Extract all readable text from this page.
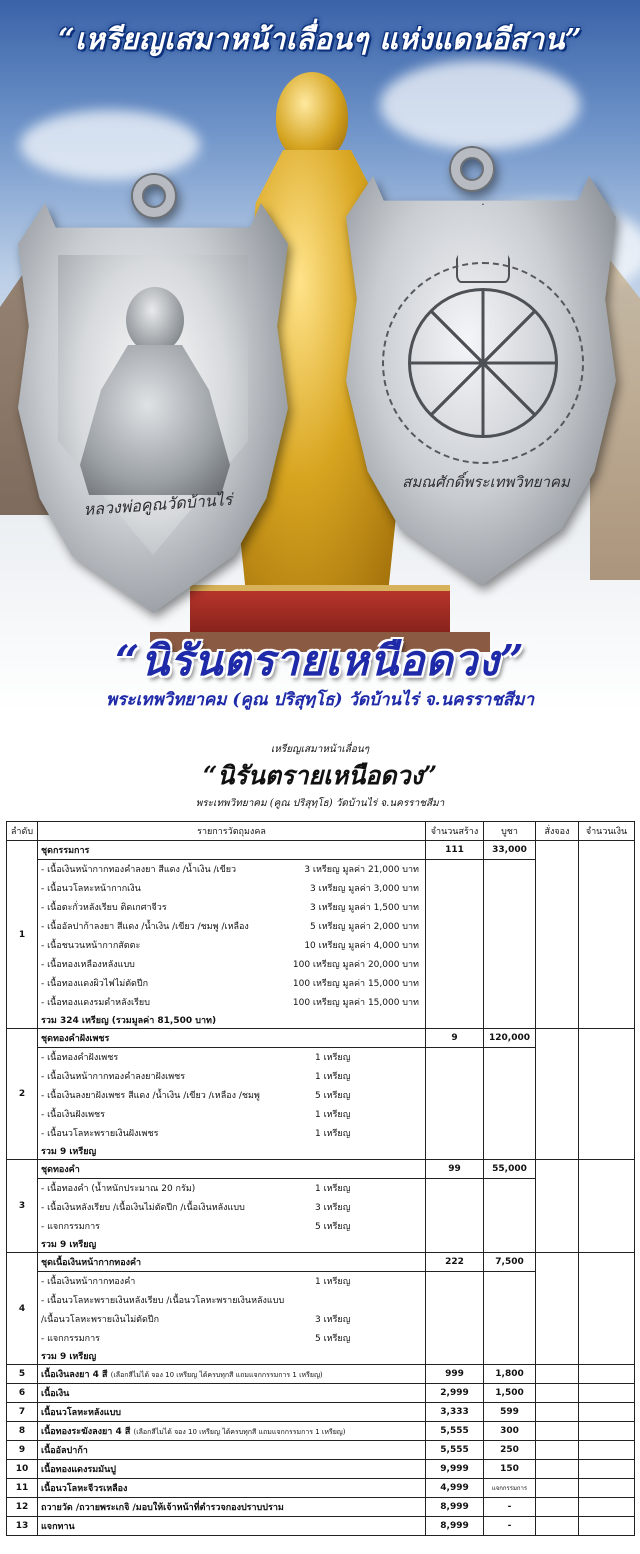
“เหรียญเสมาหน้าเลื่อนๆ แห่งแดนอีสาน”
หลวงพ่อคูณวัดบ้านไร่
สมณศักดิ์พระเทพวิทยาคม
“นิรันตรายเหนือดวง”
พระเทพวิทยาคม (คูณ ปริสุทฺโธ) วัดบ้านไร่ จ.นครราชสีมา
เหรียญเสมาหน้าเลื่อนๆ
“นิรันตรายเหนือดวง”
พระเทพวิทยาคม (คูณ ปริสุทฺโธ) วัดบ้านไร่ จ.นครราชสีมา
ลำดับ	รายการวัตถุมงคล	จำนวนสร้าง	บูชา	สั่งจอง	จำนวนเงิน
1	ชุดกรรมการ	111	33,000		

	- เนื้อเงินหน้ากากทองคำลงยา สีแดง /น้ำเงิน /เขียว 3 เหรียญ มูลค่า 21,000 บาท				

	- เนื้อนวโลหะหน้ากากเงิน 3 เหรียญ มูลค่า 3,000 บาท				

	- เนื้อตะกั่วหลังเรียบ ติดเกศาจีวร 3 เหรียญ มูลค่า 1,500 บาท				

	- เนื้ออัลปาก้าลงยา สีแดง /น้ำเงิน /เขียว /ชมพู /เหลือง 5 เหรียญ มูลค่า 2,000 บาท				

	- เนื้อชนวนหน้ากากสัตตะ 10 เหรียญ มูลค่า 4,000 บาท				

	- เนื้อทองเหลืองหลังแบบ 100 เหรียญ มูลค่า 20,000 บาท				

	- เนื้อทองแดงผิวไฟไม่ตัดปีก 100 เหรียญ มูลค่า 15,000 บาท				

	- เนื้อทองแดงรมดำหลังเรียบ 100 เหรียญ มูลค่า 15,000 บาท				

	รวม 324 เหรียญ (รวมมูลค่า 81,500 บาท)				
2	ชุดทองคำฝังเพชร	9	120,000		

	- เนื้อทองคำฝังเพชร 1 เหรียญ				

	- เนื้อเงินหน้ากากทองคำลงยาฝังเพชร 1 เหรียญ				

	- เนื้อเงินลงยาฝังเพชร สีแดง /น้ำเงิน /เขียว /เหลือง /ชมพู 5 เหรียญ				

	- เนื้อเงินฝังเพชร 1 เหรียญ				

	- เนื้อนวโลหะพรายเงินฝังเพชร 1 เหรียญ				

	รวม 9 เหรียญ				
3	ชุดทองคำ	99	55,000		

	- เนื้อทองคำ (น้ำหนักประมาณ 20 กรัม) 1 เหรียญ				

	- เนื้อเงินหลังเรียบ /เนื้อเงินไม่ตัดปีก /เนื้อเงินหลังแบบ 3 เหรียญ				

	- แจกกรรมการ 5 เหรียญ				

	รวม 9 เหรียญ				
4	ชุดเนื้อเงินหน้ากากทองคำ	222	7,500		

	- เนื้อเงินหน้ากากทองคำ 1 เหรียญ				

	- เนื้อนวโลหะพรายเงินหลังเรียบ /เนื้อนวโลหะพรายเงินหลังแบบ				

	/เนื้อนวโลหะพรายเงินไม่ตัดปีก 3 เหรียญ				

	- แจกกรรมการ 5 เหรียญ				

	รวม 9 เหรียญ				
5	เนื้อเงินลงยา 4 สี (เลือกสีไม่ได้ จอง 10 เหรียญ ได้ครบทุกสี แถมแจกกรรมการ 1 เหรียญ)	999	1,800		
6	เนื้อเงิน	2,999	1,500		
7	เนื้อนวโลหะหลังแบบ	3,333	599		
8	เนื้อทองระฆังลงยา 4 สี (เลือกสีไม่ได้ จอง 10 เหรียญ ได้ครบทุกสี แถมแจกกรรมการ 1 เหรียญ)	5,555	300		
9	เนื้ออัลปาก้า	5,555	250		
10	เนื้อทองแดงรมมันปู	9,999	150		
11	เนื้อนวโลหะจีวรเหลือง	4,999	แจกกรรมการ		
12	ถวายวัด /ถวายพระเกจิ /มอบให้เจ้าหน้าที่ตำรวจกองปราบปราม	8,999	-		
13	แจกทาน	8,999	-		
